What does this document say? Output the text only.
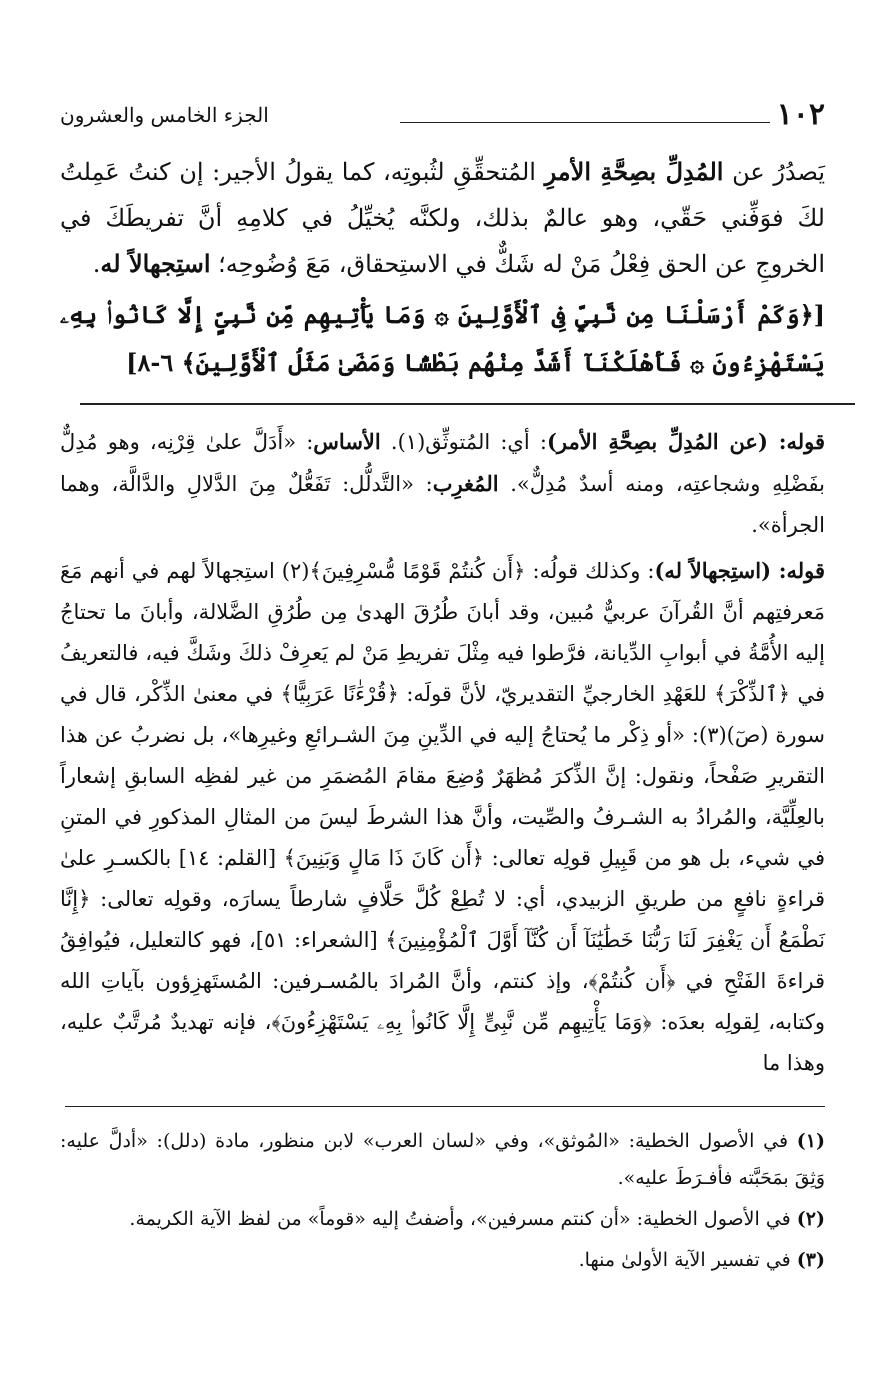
١٠٢
الجزء الخامس والعشرون

يَصدُرُ عن المُدِلِّ بصِحَّةِ الأمرِ المُتحقِّقِ لثُبوتِه، كما يقولُ الأجير: إن كنتُ عَمِلتُ لكَ فوَفِّني حَقّي، وهو عالمٌ بذلك، ولكنَّه يُخيِّلُ في كلامِهِ أنَّ تفريطَكَ في الخروجِ عن الحق فِعْلُ مَنْ له شَكٌّ في الاستِحقاق، مَعَ وُضُوحِه؛ استِجهالاً له.

[﴿وَكَمْ أَرْسَلْنَا مِن نَّبِيٍّ فِى ٱلْأَوَّلِينَ ۞ وَمَا يَأْتِيهِم مِّن نَّبِىٍّ إِلَّا كَانُوا۟ بِهِۦ يَسْتَهْزِءُونَ ۞ فَأَهْلَكْنَآ أَشَدَّ مِنْهُم بَطْشًا وَمَضَىٰ مَثَلُ ٱلْأَوَّلِينَ﴾ ٦-٨]

قوله: (عن المُدِلِّ بصِحَّةِ الأمر): أي: المُتوثِّق(١). الأساس: «أَدَلَّ علىٰ قِرْنِه، وهو مُدِلٌّ بفَضْلِهِ وشجاعتِه، ومنه أسدٌ مُدِلٌّ». المُغرِب: «التَّدلُّل: تَفَعُّلٌ مِنَ الدَّلالِ والدَّالَّة، وهما الجرأة».

قوله: (استِجهالاً له): وكذلك قولُه: ﴿أَن كُنتُمْ قَوْمًا مُّسْرِفِينَ﴾(٢) استِجهالاً لهم في أنهم مَعَ مَعرفتِهم أنَّ القُرآنَ عربيٌّ مُبين، وقد أبانَ طُرُقَ الهدىٰ مِن طُرُقِ الضَّلالة، وأبانَ ما تحتاجُ إليه الأُمَّةُ في أبوابِ الدِّيانة، فرَّطوا فيه مِثْلَ تفريطِ مَنْ لم يَعرِفْ ذلكَ وشَكَّ فيه، فالتعريفُ في ﴿ٱلذِّكْرَ﴾ للعَهْدِ الخارجيِّ التقديريّ، لأنَّ قولَه: ﴿قُرْءَٰنًا عَرَبِيًّا﴾ في معنىٰ الذِّكْر، قال في سورة (صٓ)(٣): «أو ذِكْر ما يُحتاجُ إليه في الدِّينِ مِنَ الشـرائعِ وغيرِها»، بل نضربُ عن هذا التقريرِ صَفْحاً، ونقول: إنَّ الذِّكرَ مُظهَرٌ وُضِعَ مقامَ المُضمَرِ من غير لفظِه السابقِ إشعاراً بالعِلِّيَّة، والمُرادُ به الشـرفُ والصِّيت، وأنَّ هذا الشرطَ ليسَ من المثالِ المذكورِ في المتنِ في شيء، بل هو من قَبِيلِ قولِه تعالى: ﴿أَن كَانَ ذَا مَالٍ وَبَنِينَ﴾ [القلم: ١٤] بالكسـرِ علىٰ قراءةٍ نافعٍ من طريقِ الزبيدي، أي: لا تُطِعْ كُلَّ حَلَّافٍ شارطاً يسارَه، وقولِه تعالى: ﴿إِنَّا نَطْمَعُ أَن يَغْفِرَ لَنَا رَبُّنَا خَطَٰيَٰنَآ أَن كُنَّآ أَوَّلَ ٱلْمُؤْمِنِينَ﴾ [الشعراء: ٥١]، فهو كالتعليل، فيُوافِقُ قراءةَ الفَتْحِ في ﴿أَن كُنتُمْ﴾، وإذ كنتم، وأنَّ المُرادَ بالمُسـرفين: المُستَهزِؤون بآياتِ الله وكتابه، لِقولِه بعدَه: ﴿وَمَا يَأْتِيهِم مِّن نَّبِىٍّ إِلَّا كَانُوا۟ بِهِۦ يَسْتَهْزِءُونَ﴾، فإنه تهديدٌ مُرتَّبٌ عليه، وهذا ما

(١) في الأصول الخطية: «المُوثق»، وفي «لسان العرب» لابن منظور، مادة (دلل): «أدلَّ عليه: وَثِقَ بمَحَبَّته فأفـرَطَ عليه».

(٢) في الأصول الخطية: «أن كنتم مسرفين»، وأضفتُ إليه «قوماً» من لفظ الآية الكريمة.

(٣) في تفسير الآية الأولىٰ منها.
